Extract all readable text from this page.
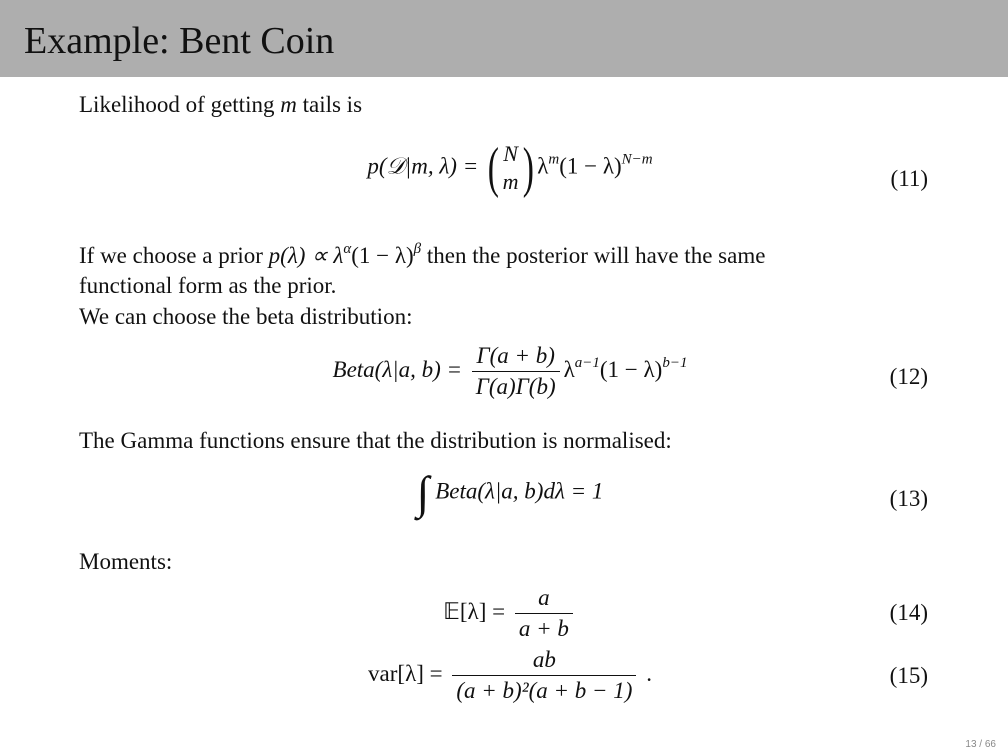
Example: Bent Coin
Likelihood of getting m tails is
p(𝒟|m, λ) = ( N
m ) $\lambda^m(1 - \lambda)^{N-m}$
(11)
If we choose a prior $p(\lambda) \propto \lambda^\alpha(1 - \lambda)^\beta$ then the posterior will have the same
functional form as the prior.
We can choose the beta distribution:
Beta(λ|a, $b) = \frac{\Gamma(a + b)}{\Gamma(a)\Gamma(b)} \lambda^{a-1}(1 - \lambda)^{b-1}$
(12)
The Gamma functions ensure that the distribution is normalised:
∫ Beta(λ|a, b)dλ = 1	(13)
Moments:
𝔼[λ] = $\frac{a}{a + b}$	(14)
$var[\lambda] = \frac{ab}{\text{(a + b)²(a + b − 1)}}$ .	(15)
13 / 66
